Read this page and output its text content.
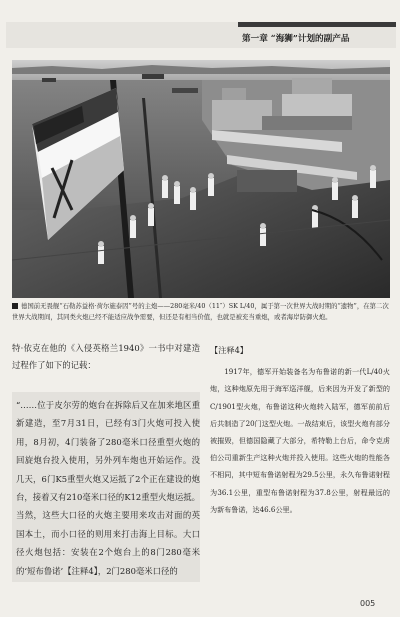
第一章 “海狮”计划的副产品
德国前无畏舰“石勒苏益格·荷尔施泰因”号的主炮——280毫米/40（11″）SK L/40，属于第一次世界大战时期的“遗物”，在第二次世界大战期间，其同类火炮已经不能适应战争需要，但还是有相当价值，也就是被充当重炮，或者海岸防御火炮。

特·依克在他的《入侵英格兰1940》一书中对建造过程作了如下的记载：

“……位于皮尔劳的炮台在拆除后又在加来地区重新建造，至7月31日，已经有3门火炮可投入使用，8月初，4门装备了280毫米口径重型火炮的回旋炮台投入使用，另外列车炮也开始运作。没几天，6门K5重型火炮又运抵了2个正在建设的炮台，接着又有210毫米口径的K12重型火炮运抵。当然，这些大口径的火炮主要用来攻击对面的英国本土，而小口径的则用来打击海上目标。大口径火炮包括：安装在2个炮台上的8门280毫米的‘短布鲁诺’【注释4】，2门280毫米口径的
【注释4】
1917年，德军开始装备名为布鲁诺的新一代L/40火炮，这种炮原先用于海军巡洋舰，后来因为开发了新型的C/1901型火炮，布鲁诺这种火炮转入陆军，德军前前后后共制造了20门这型火炮。一战结束后，该型火炮有部分被摧毁，但德国隐藏了大部分，希特勒上台后，命令克虏伯公司重新生产这种火炮并投入使用。这些火炮的性能各不相同，其中短布鲁诺射程为29.5公里，永久布鲁诺射程为36.1公里，重型布鲁诺射程为37.8公里，射程最远的为新布鲁诺，达46.6公里。
005
